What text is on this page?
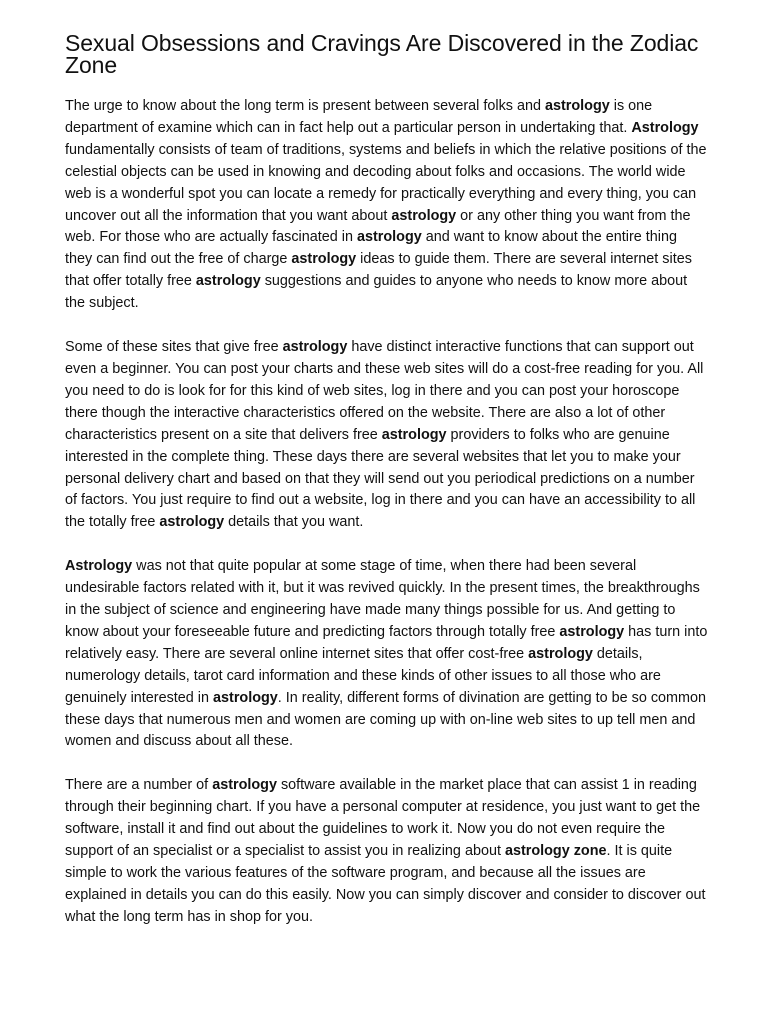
Sexual Obsessions and Cravings Are Discovered in the Zodiac Zone

The urge to know about the long term is present between several folks and astrology is one department of examine which can in fact help out a particular person in undertaking that. Astrology fundamentally consists of team of traditions, systems and beliefs in which the relative positions of the celestial objects can be used in knowing and decoding about folks and occasions. The world wide web is a wonderful spot you can locate a remedy for practically everything and every thing, you can uncover out all the information that you want about astrology or any other thing you want from the web. For those who are actually fascinated in astrology and want to know about the entire thing they can find out the free of charge astrology ideas to guide them. There are several internet sites that offer totally free astrology suggestions and guides to anyone who needs to know more about the subject.

Some of these sites that give free astrology have distinct interactive functions that can support out even a beginner. You can post your charts and these web sites will do a cost-free reading for you. All you need to do is look for for this kind of web sites, log in there and you can post your horoscope there though the interactive characteristics offered on the website. There are also a lot of other characteristics present on a site that delivers free astrology providers to folks who are genuine interested in the complete thing. These days there are several websites that let you to make your personal delivery chart and based on that they will send out you periodical predictions on a number of factors. You just require to find out a website, log in there and you can have an accessibility to all the totally free astrology details that you want.

Astrology was not that quite popular at some stage of time, when there had been several undesirable factors related with it, but it was revived quickly. In the present times, the breakthroughs in the subject of science and engineering have made many things possible for us. And getting to know about your foreseeable future and predicting factors through totally free astrology has turn into relatively easy. There are several online internet sites that offer cost-free astrology details, numerology details, tarot card information and these kinds of other issues to all those who are genuinely interested in astrology. In reality, different forms of divination are getting to be so common these days that numerous men and women are coming up with on-line web sites to up tell men and women and discuss about all these.

There are a number of astrology software available in the market place that can assist 1 in reading through their beginning chart. If you have a personal computer at residence, you just want to get the software, install it and find out about the guidelines to work it. Now you do not even require the support of an specialist or a specialist to assist you in realizing about astrology zone. It is quite simple to work the various features of the software program, and because all the issues are explained in details you can do this easily. Now you can simply discover and consider to discover out what the long term has in shop for you.
